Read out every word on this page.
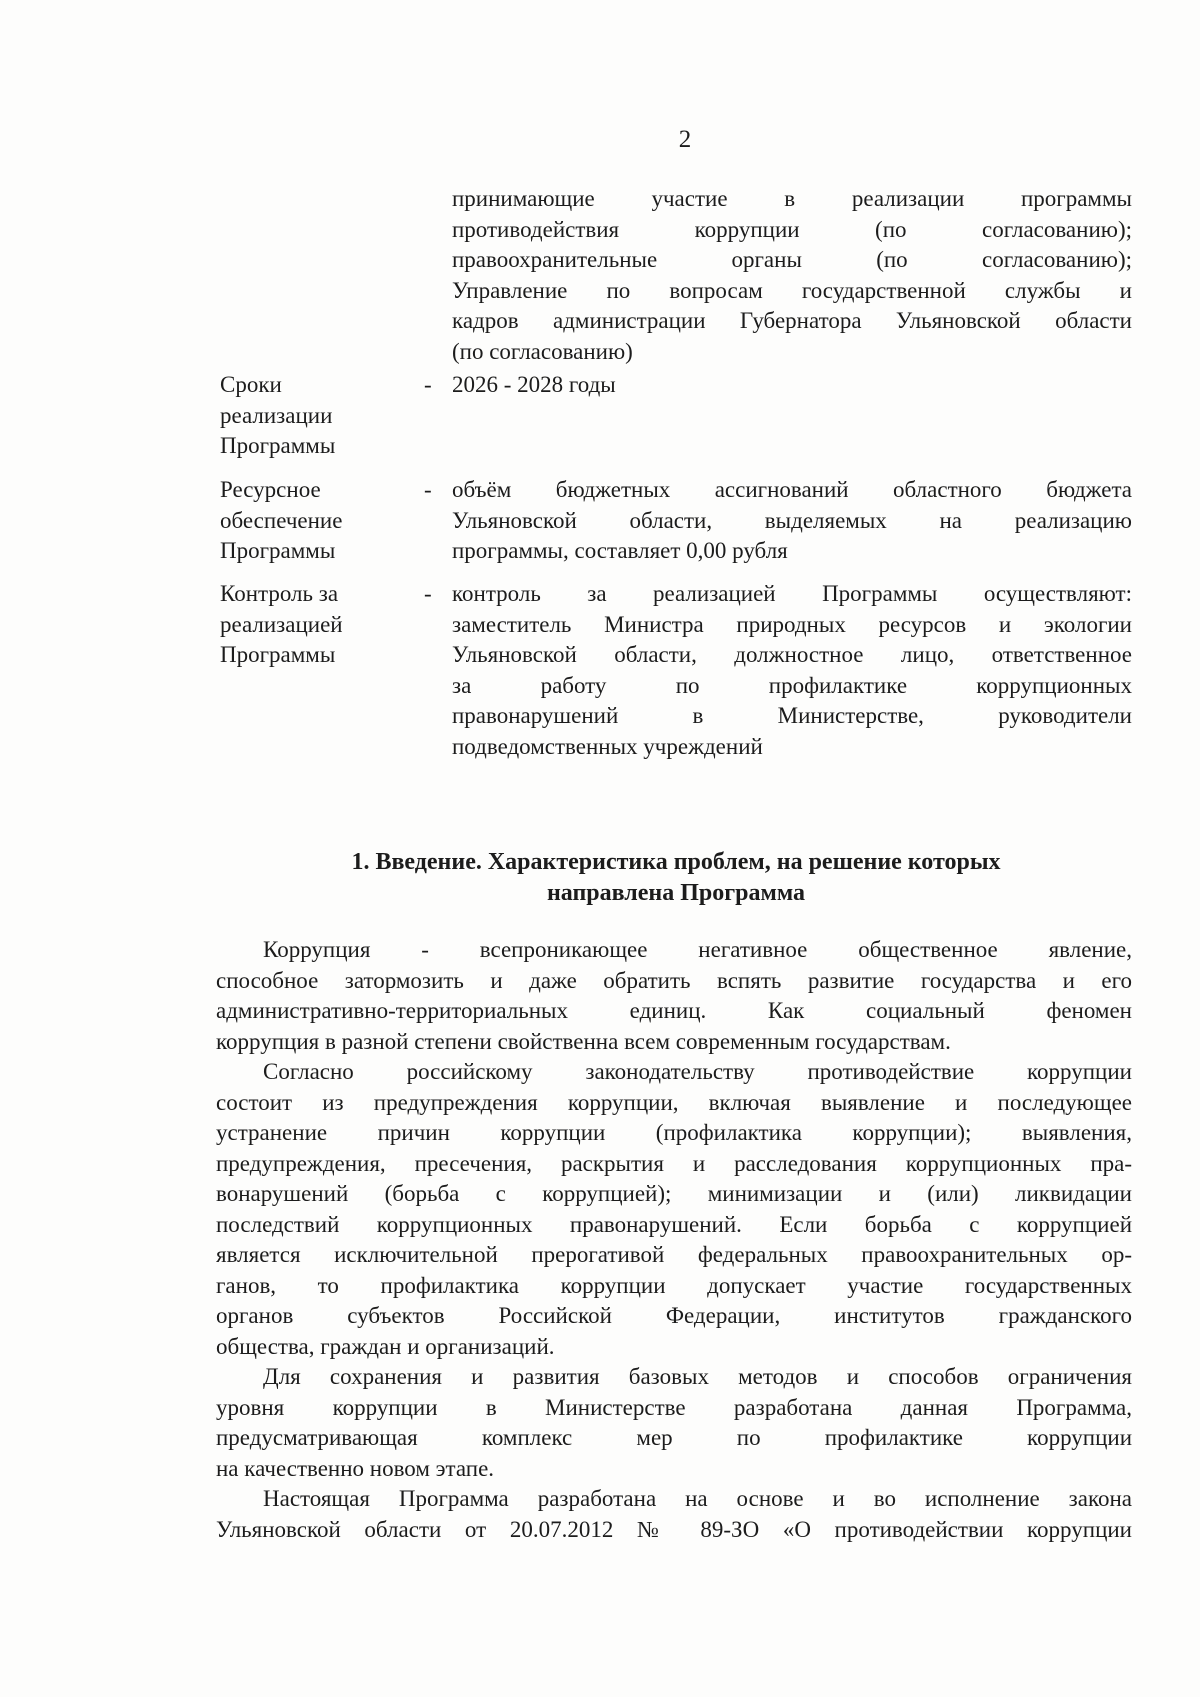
2
принимающие участие в реализации программы
противодействия коррупции (по согласованию);
правоохранительные органы (по согласованию);
Управление по вопросам государственной службы и
кадров администрации Губернатора Ульяновской области
(по согласованию)
Сроки
реализации
Программы
- 2026 - 2028 годы
Ресурсное
обеспечение
Программы
- объём бюджетных ассигнований областного бюджета
Ульяновской области, выделяемых на реализацию
программы, составляет 0,00 рубля
Контроль за
реализацией
Программы
- контроль за реализацией Программы осуществляют:
заместитель Министра природных ресурсов и экологии
Ульяновской области, должностное лицо, ответственное
за работу по профилактике коррупционных
правонарушений в Министерстве, руководители
подведомственных учреждений
1. Введение. Характеристика проблем, на решение которых
направлена Программа
Коррупция - всепроникающее негативное общественное явление,
способное затормозить и даже обратить вспять развитие государства и его
административно-территориальных единиц. Как социальный феномен
коррупция в разной степени свойственна всем современным государствам.
Согласно российскому законодательству противодействие коррупции
состоит из предупреждения коррупции, включая выявление и последующее
устранение причин коррупции (профилактика коррупции); выявления,
предупреждения, пресечения, раскрытия и расследования коррупционных пра-
вонарушений (борьба с коррупцией); минимизации и (или) ликвидации
последствий коррупционных правонарушений. Если борьба с коррупцией
является исключительной прерогативой федеральных правоохранительных ор-
ганов, то профилактика коррупции допускает участие государственных
органов субъектов Российской Федерации, институтов гражданского
общества, граждан и организаций.
Для сохранения и развития базовых методов и способов ограничения
уровня коррупции в Министерстве разработана данная Программа,
предусматривающая комплекс мер по профилактике коррупции
на качественно новом этапе.
Настоящая Программа разработана на основе и во исполнение закона
Ульяновской области от 20.07.2012 № 89-ЗО «О противодействии коррупции
